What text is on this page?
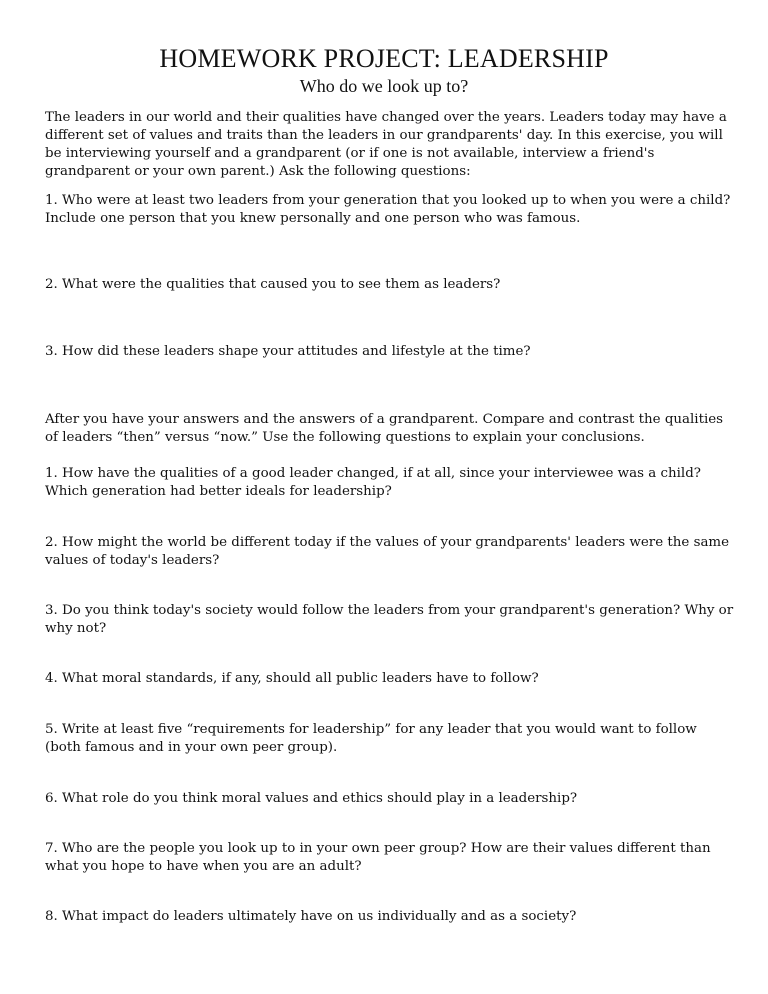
HOMEWORK PROJECT: LEADERSHIP
Who do we look up to?

The leaders in our world and their qualities have changed over the years. Leaders today may have a different set of values and traits than the leaders in our grandparents' day. In this exercise, you will be interviewing yourself and a grandparent (or if one is not available, interview a friend's grandparent or your own parent.) Ask the following questions:

1. Who were at least two leaders from your generation that you looked up to when you were a child? Include one person that you knew personally and one person who was famous.

2. What were the qualities that caused you to see them as leaders?

3. How did these leaders shape your attitudes and lifestyle at the time?

After you have your answers and the answers of a grandparent. Compare and contrast the qualities of leaders “then” versus “now.” Use the following questions to explain your conclusions.

1. How have the qualities of a good leader changed, if at all, since your interviewee was a child? Which generation had better ideals for leadership?

2. How might the world be different today if the values of your grandparents' leaders were the same values of today's leaders?

3. Do you think today's society would follow the leaders from your grandparent's generation? Why or why not?

4. What moral standards, if any, should all public leaders have to follow?

5. Write at least five “requirements for leadership” for any leader that you would want to follow (both famous and in your own peer group).

6. What role do you think moral values and ethics should play in a leadership?

7. Who are the people you look up to in your own peer group? How are their values different than what you hope to have when you are an adult?

8. What impact do leaders ultimately have on us individually and as a society?
